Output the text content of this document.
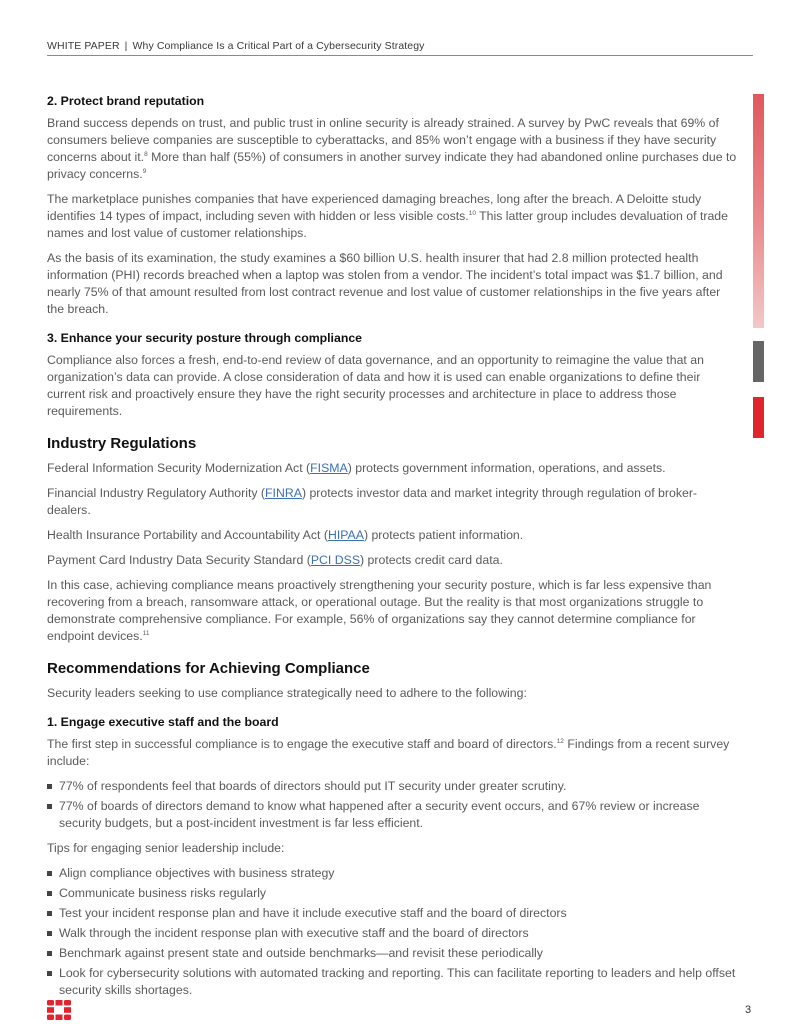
WHITE PAPER | Why Compliance Is a Critical Part of a Cybersecurity Strategy
2. Protect brand reputation

Brand success depends on trust, and public trust in online security is already strained. A survey by PwC reveals that 69% of consumers believe companies are susceptible to cyberattacks, and 85% won’t engage with a business if they have security concerns about it.$^8$ More than half (55%) of consumers in another survey indicate they had abandoned online purchases due to privacy concerns.$^9$

The marketplace punishes companies that have experienced damaging breaches, long after the breach. A Deloitte study identifies 14 types of impact, including seven with hidden or less visible costs.$^{10}$ This latter group includes devaluation of trade names and lost value of customer relationships.

As the basis of its examination, the study examines a $60 billion U.S. health insurer that had 2.8 million protected health information (PHI) records breached when a laptop was stolen from a vendor. The incident’s total impact was $1.7 billion, and nearly 75% of that amount resulted from lost contract revenue and lost value of customer relationships in the five years after the breach.

3. Enhance your security posture through compliance

Compliance also forces a fresh, end-to-end review of data governance, and an opportunity to reimagine the value that an organization’s data can provide. A close consideration of data and how it is used can enable organizations to define their current risk and proactively ensure they have the right security processes and architecture in place to address those requirements.

Industry Regulations
Federal Information Security Modernization Act (FISMA) protects government information, operations, and assets.
Financial Industry Regulatory Authority (FINRA) protects investor data and market integrity through regulation of broker-dealers.
Health Insurance Portability and Accountability Act (HIPAA) protects patient information.
Payment Card Industry Data Security Standard (PCI DSS) protects credit card data.

In this case, achieving compliance means proactively strengthening your security posture, which is far less expensive than recovering from a breach, ransomware attack, or operational outage. But the reality is that most organizations struggle to demonstrate comprehensive compliance. For example, 56% of organizations say they cannot determine compliance for endpoint devices.$^{11}$

Recommendations for Achieving Compliance

Security leaders seeking to use compliance strategically need to adhere to the following:

1. Engage executive staff and the board

The first step in successful compliance is to engage the executive staff and board of directors.$^{12}$ Findings from a recent survey include:

77% of respondents feel that boards of directors should put IT security under greater scrutiny.
77% of boards of directors demand to know what happened after a security event occurs, and 67% review or increase security budgets, but a post-incident investment is far less efficient.

Tips for engaging senior leadership include:

Align compliance objectives with business strategy
Communicate business risks regularly
Test your incident response plan and have it include executive staff and the board of directors
Walk through the incident response plan with executive staff and the board of directors
Benchmark against present state and outside benchmarks—and revisit these periodically
Look for cybersecurity solutions with automated tracking and reporting. This can facilitate reporting to leaders and help offset security skills shortages.
3
